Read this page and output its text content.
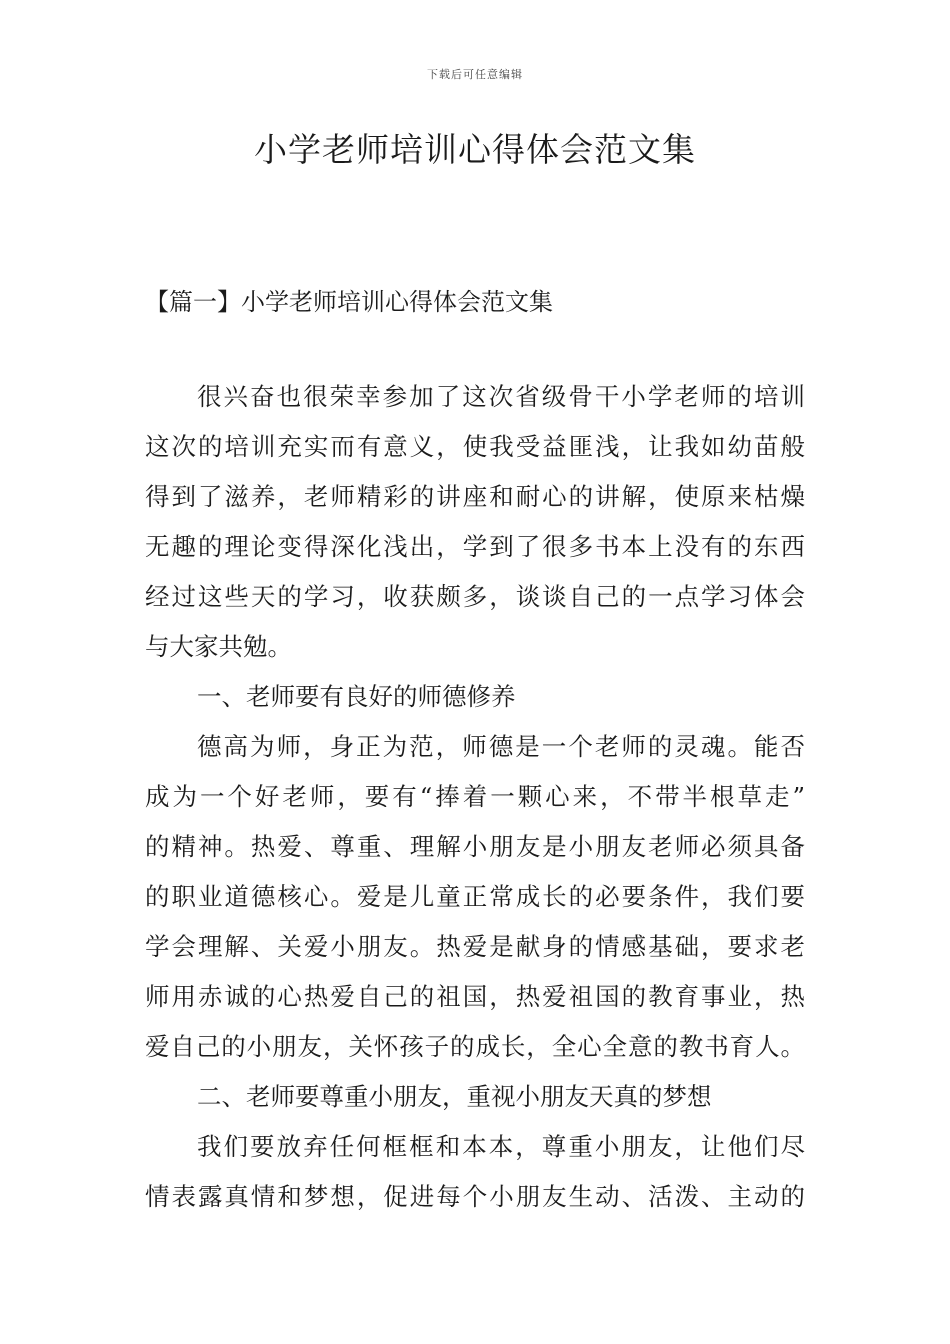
下载后可任意编辑
小学老师培训心得体会范文集
【篇一】小学老师培训心得体会范文集
很兴奋也很荣幸参加了这次省级骨干小学老师的培训
这次的培训充实而有意义，使我受益匪浅，让我如幼苗般
得到了滋养，老师精彩的讲座和耐心的讲解，使原来枯燥
无趣的理论变得深化浅出，学到了很多书本上没有的东西
经过这些天的学习，收获颇多，谈谈自己的一点学习体会
与大家共勉。
一、老师要有良好的师德修养
德高为师，身正为范，师德是一个老师的灵魂。能否
成为一个好老师，要有“捧着一颗心来，不带半根草走”
的精神。热爱、尊重、理解小朋友是小朋友老师必须具备
的职业道德核心。爱是儿童正常成长的必要条件，我们要
学会理解、关爱小朋友。热爱是献身的情感基础，要求老
师用赤诚的心热爱自己的祖国，热爱祖国的教育事业，热
爱自己的小朋友，关怀孩子的成长，全心全意的教书育人。
二、老师要尊重小朋友，重视小朋友天真的梦想
我们要放弃任何框框和本本，尊重小朋友，让他们尽
情表露真情和梦想，促进每个小朋友生动、活泼、主动的
